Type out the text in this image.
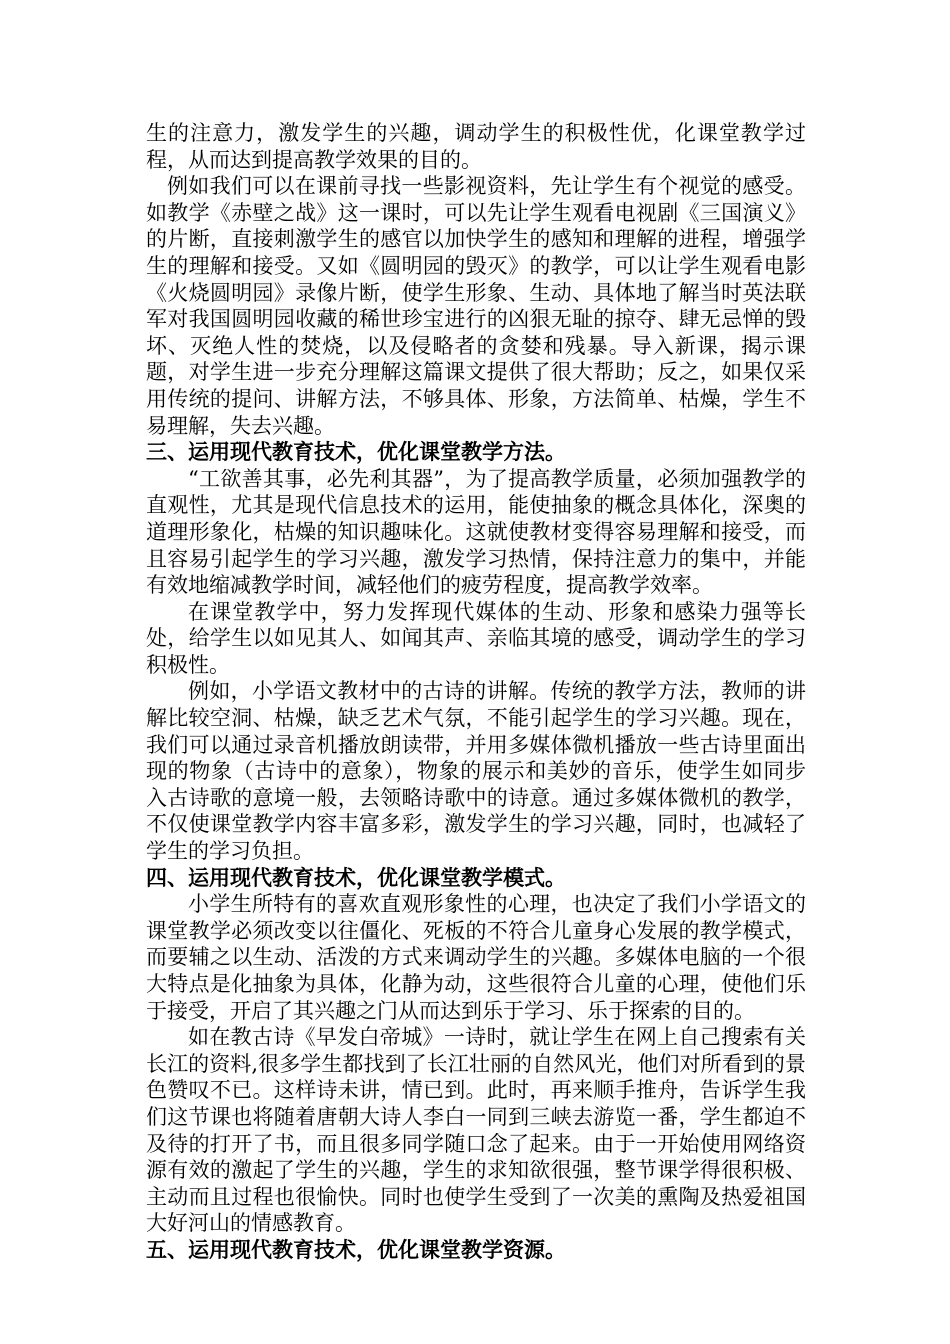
生的注意力，激发学生的兴趣，调动学生的积极性优，化课堂教学过程，从而达到提高教学效果的目的。

例如我们可以在课前寻找一些影视资料，先让学生有个视觉的感受。如教学《赤壁之战》这一课时，可以先让学生观看电视剧《三国演义》的片断，直接刺激学生的感官以加快学生的感知和理解的进程，增强学生的理解和接受。又如《圆明园的毁灭》的教学，可以让学生观看电影《火烧圆明园》录像片断，使学生形象、生动、具体地了解当时英法联军对我国圆明园收藏的稀世珍宝进行的凶狠无耻的掠夺、肆无忌惮的毁坏、灭绝人性的焚烧，以及侵略者的贪婪和残暴。导入新课，揭示课题，对学生进一步充分理解这篇课文提供了很大帮助；反之，如果仅采用传统的提问、讲解方法，不够具体、形象，方法简单、枯燥，学生不易理解，失去兴趣。

三、运用现代教育技术，优化课堂教学方法。

“工欲善其事，必先利其器”，为了提高教学质量，必须加强教学的直观性，尤其是现代信息技术的运用，能使抽象的概念具体化，深奥的道理形象化，枯燥的知识趣味化。这就使教材变得容易理解和接受，而且容易引起学生的学习兴趣，激发学习热情，保持注意力的集中，并能有效地缩减教学时间，减轻他们的疲劳程度，提高教学效率。

在课堂教学中，努力发挥现代媒体的生动、形象和感染力强等长处，给学生以如见其人、如闻其声、亲临其境的感受，调动学生的学习积极性。

例如，小学语文教材中的古诗的讲解。传统的教学方法，教师的讲解比较空洞、枯燥，缺乏艺术气氛，不能引起学生的学习兴趣。现在，我们可以通过录音机播放朗读带，并用多媒体微机播放一些古诗里面出现的物象（古诗中的意象），物象的展示和美妙的音乐，使学生如同步入古诗歌的意境一般，去领略诗歌中的诗意。通过多媒体微机的教学，不仅使课堂教学内容丰富多彩，激发学生的学习兴趣，同时，也减轻了学生的学习负担。

四、运用现代教育技术，优化课堂教学模式。

小学生所特有的喜欢直观形象性的心理，也决定了我们小学语文的课堂教学必须改变以往僵化、死板的不符合儿童身心发展的教学模式，而要辅之以生动、活泼的方式来调动学生的兴趣。多媒体电脑的一个很大特点是化抽象为具体，化静为动，这些很符合儿童的心理，使他们乐于接受，开启了其兴趣之门从而达到乐于学习、乐于探索的目的。

如在教古诗《早发白帝城》一诗时，就让学生在网上自己搜索有关长江的资料,很多学生都找到了长江壮丽的自然风光，他们对所看到的景色赞叹不已。这样诗未讲，情已到。此时，再来顺手推舟，告诉学生我们这节课也将随着唐朝大诗人李白一同到三峡去游览一番，学生都迫不及待的打开了书，而且很多同学随口念了起来。由于一开始使用网络资源有效的激起了学生的兴趣，学生的求知欲很强，整节课学得很积极、主动而且过程也很愉快。同时也使学生受到了一次美的熏陶及热爱祖国大好河山的情感教育。

五、运用现代教育技术，优化课堂教学资源。
